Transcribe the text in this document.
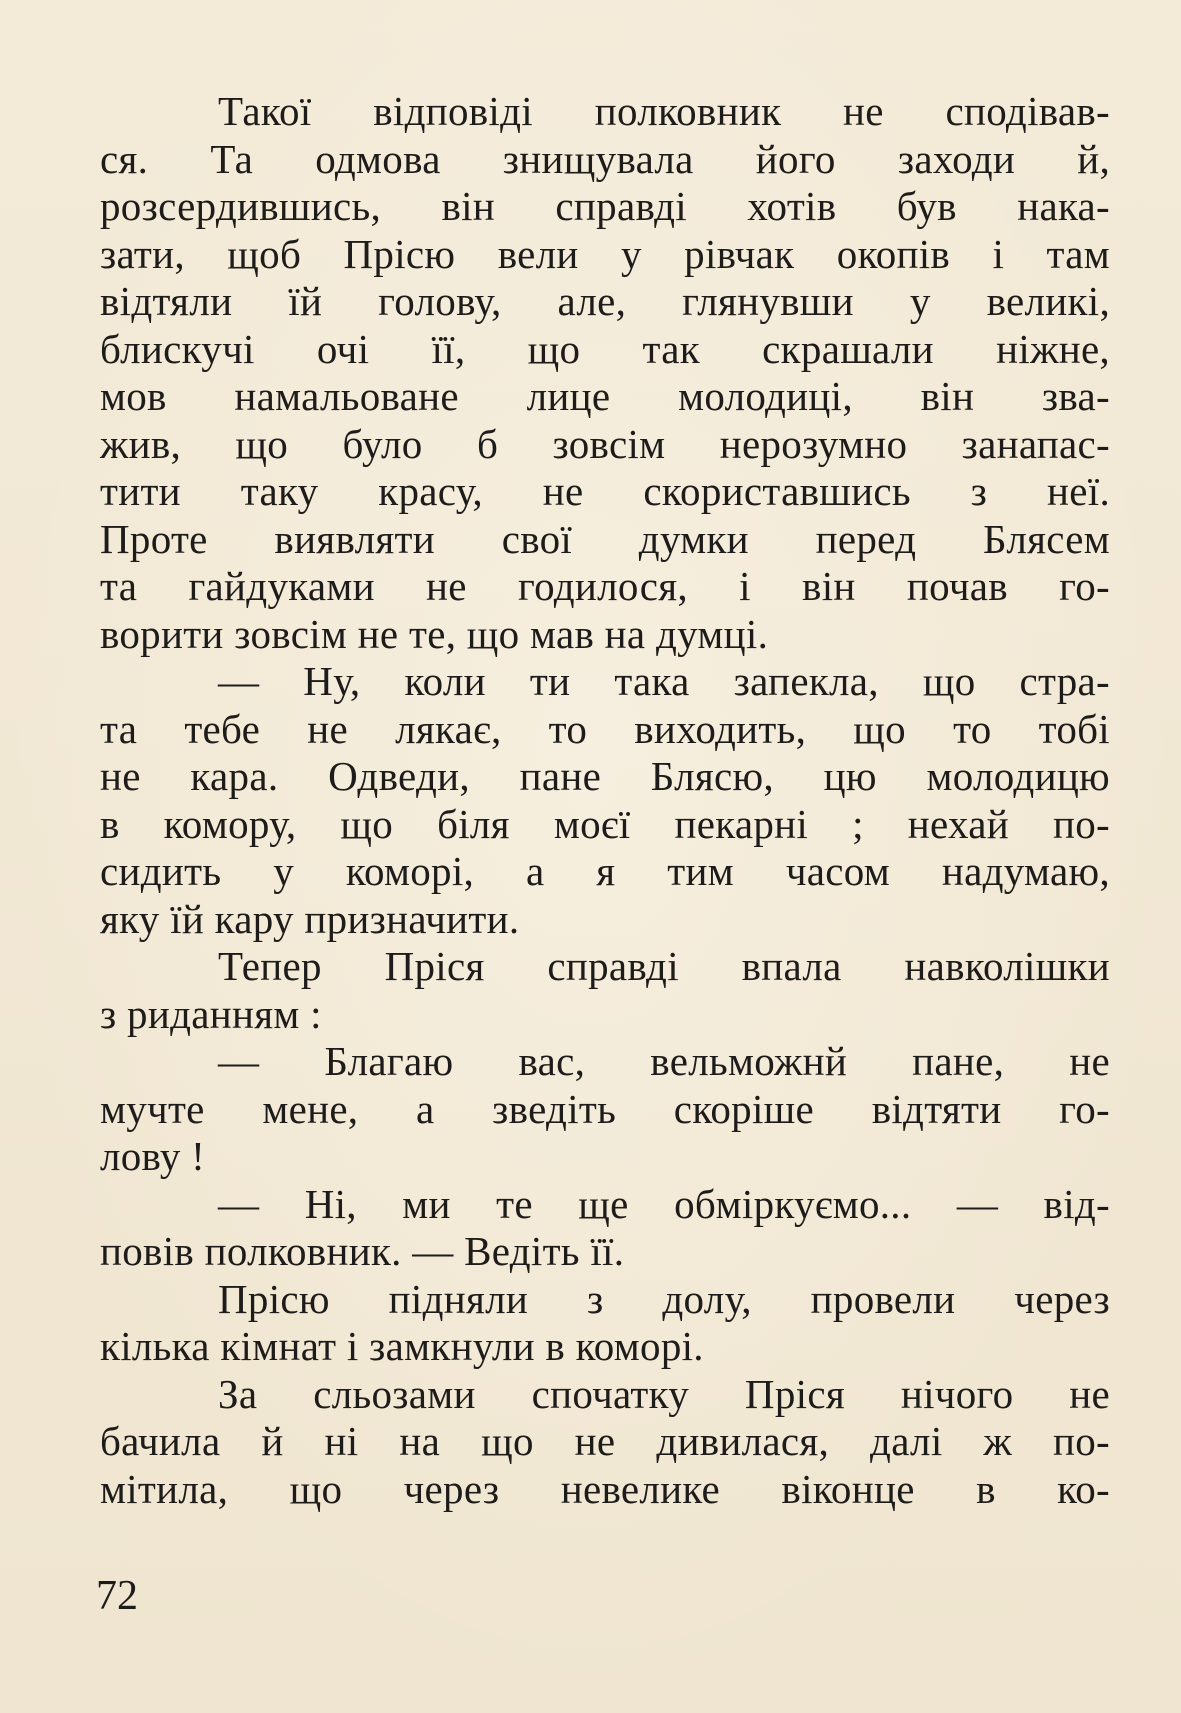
Такої відповіді полковник не сподівав-
ся. Та одмова знищувала його заходи й,
розсердившись, він справді хотів був нака-
зати, щоб Прісю вели у рівчак окопів і там
відтяли їй голову, але, глянувши у великі,
блискучі очі її, що так скрашали ніжне,
мов намальоване лице молодиці, він зва-
жив, що було б зовсім нерозумно занапас-
тити таку красу, не скориставшись з неї.
Проте виявляти свої думки перед Блясем
та гайдуками не годилося, і він почав го-
ворити зовсім не те, що мав на думці.
— Ну, коли ти така запекла, що стра-
та тебе не лякає, то виходить, що то тобі
не кара. Одведи, пане Блясю, цю молодицю
в комору, що біля моєї пекарні ; нехай по-
сидить у коморі, а я тим часом надумаю,
яку їй кару призначити.
Тепер Пріся справді впала навколішки
з риданням :
— Благаю вас, вельможнй пане, не
мучте мене, а зведіть скоріше відтяти го-
лову !
— Ні, ми те ще обміркуємо... — від-
повів полковник. — Ведіть її.
Прісю підняли з долу, провели через
кілька кімнат і замкнули в коморі.
За сльозами спочатку Пріся нічого не
бачила й ні на що не дивилася, далі ж по-
мітила, що через невелике віконце в ко-
72
